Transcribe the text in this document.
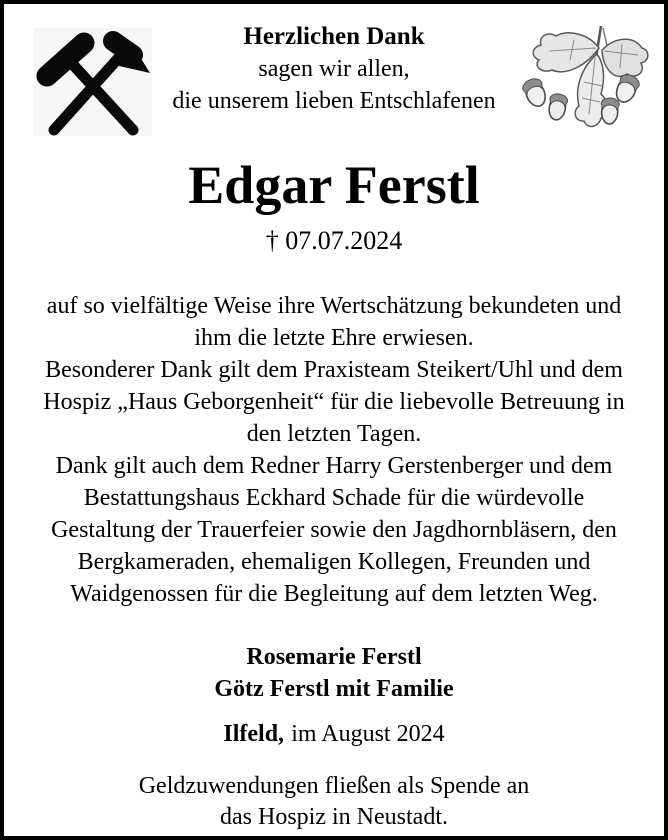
Herzlichen Dank
sagen wir allen,
die unserem lieben Entschlafenen
Edgar Ferstl
† 07.07.2024
auf so vielfältige Weise ihre Wertschätzung bekundeten und
ihm die letzte Ehre erwiesen.
Besonderer Dank gilt dem Praxisteam Steikert/Uhl und dem
Hospiz „Haus Geborgenheit“ für die liebevolle Betreuung in
den letzten Tagen.
Dank gilt auch dem Redner Harry Gerstenberger und dem
Bestattungshaus Eckhard Schade für die würdevolle
Gestaltung der Trauerfeier sowie den Jagdhornbläsern, den
Bergkameraden, ehemaligen Kollegen, Freunden und
Waidgenossen für die Begleitung auf dem letzten Weg.
Rosemarie Ferstl
Götz Ferstl mit Familie
Ilfeld, im August 2024
Geldzuwendungen fließen als Spende an
das Hospiz in Neustadt.
